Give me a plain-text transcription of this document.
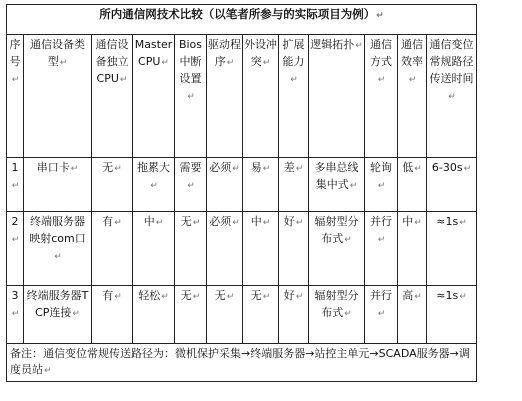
所内通信网技术比较（以笔者所参与的实际项目为例）↵											
序号↵	通信设备类型↵	通信设备独立CPU↵	Master CPU↵	Bios中断设置↵	驱动程序↵	外设冲突↵	扩展能力↵	逻辑拓扑↵	通信方式↵	通信效率↵	通信变位常规路径传送时间↵
1↵	串口卡↵	无↵	拖累大↵	需要↵	必须↵	易↵	差↵	多串总线集中式↵	轮询↵	低↵	6-30s↵
2↵	终端服务器映射com口↵	有↵	中↵	无↵	必须↵	中↵	好↵	辐射型分布式↵	并行↵	中↵	≈1s↵
3↵	终端服务器TCP连接↵	有↵	轻松↵	无↵	无↵	无↵	好↵	辐射型分布式↵	并行↵	高↵	≈1s↵
备注：通信变位常规传送路径为：微机保护采集→终端服务器→站控主单元→SCADA服务器→调度员站↵											
